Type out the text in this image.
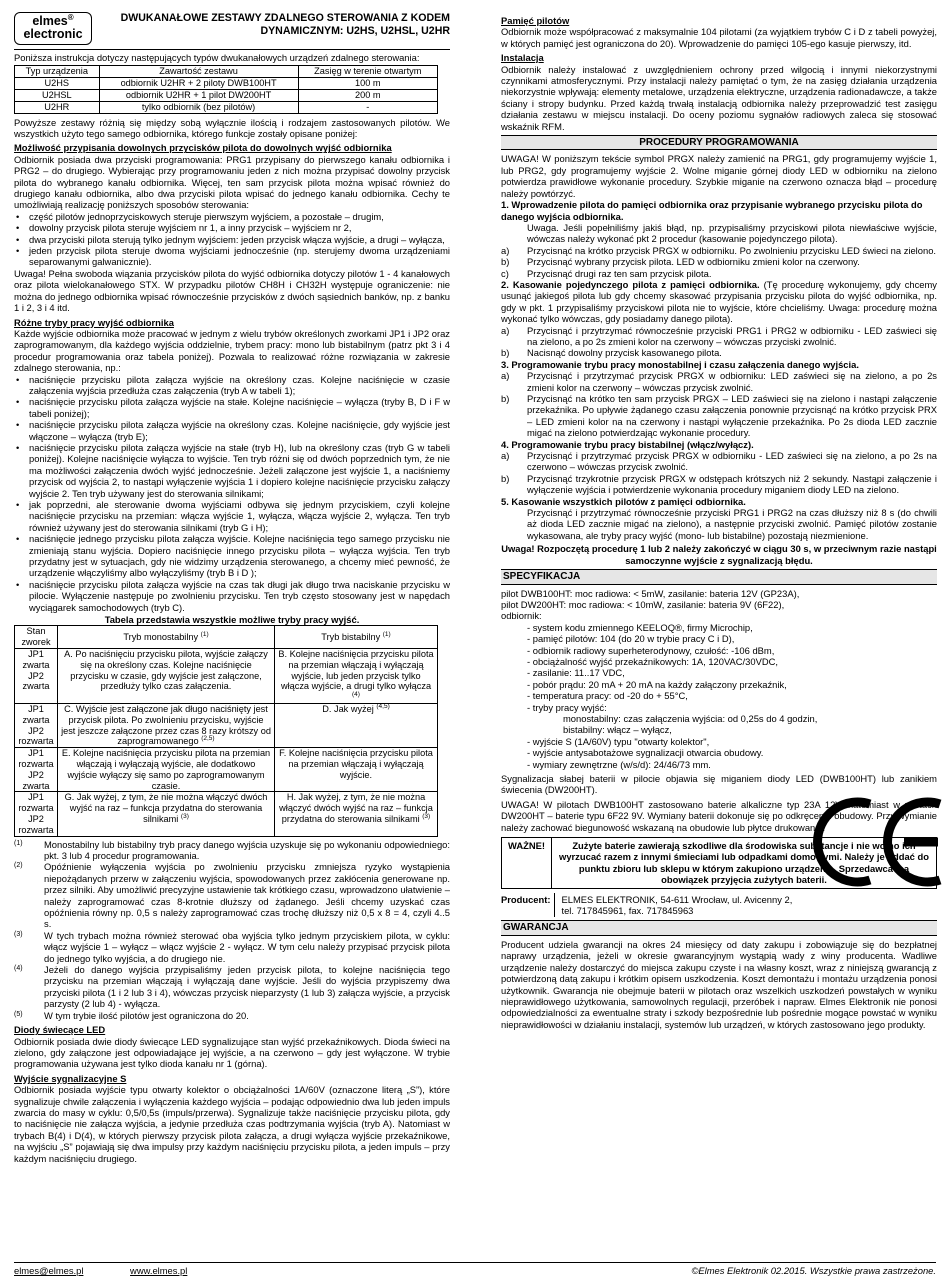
elmes®
electronic
DWUKANAŁOWE ZESTAWY ZDALNEGO STEROWANIA Z KODEM
DYNAMICZNYM: U2HS, U2HSL, U2HR

Poniższa instrukcja dotyczy następujących typów dwukanałowych urządzeń zdalnego sterowania:

Typ urządzenia	Zawartość zestawu	Zasięg w terenie otwartym
U2HS	odbiornik U2HR + 2 piloty DWB100HT	100 m
U2HSL	odbiornik U2HR + 1 pilot DW200HT	200 m
U2HR	tylko odbiornik (bez pilotów)	-

Powyższe zestawy różnią się między sobą wyłącznie ilością i rodzajem zastosowanych pilotów. We wszystkich użyto tego samego odbiornika, którego funkcje zostały opisane poniżej:

Możliwość przypisania dowolnych przycisków pilota do dowolnych wyjść odbiornika

Odbiornik posiada dwa przyciski programowania: PRG1 przypisany do pierwszego kanału odbiornika i PRG2 – do drugiego. Wybierając przy programowaniu jeden z nich można przypisać dowolny przycisk pilota do wybranego kanału odbiornika. Więcej, ten sam przycisk pilota można wpisać również do drugiego kanału odbiornika, albo dwa przyciski pilota wpisać do jednego kanału odbiornika. Cechy te umożliwiają realizację poniższych sposobów sterowania:

• część pilotów jednoprzyciskowych steruje pierwszym wyjściem, a pozostałe – drugim,
• dowolny przycisk pilota steruje wyjściem nr 1, a inny przycisk – wyjściem nr 2,
• dwa przyciski pilota sterują tylko jednym wyjściem: jeden przycisk włącza wyjście, a drugi – wyłącza,
• jeden przycisk pilota steruje dwoma wyjściami jednocześnie (np. sterujemy dwoma urządzeniami separowanymi galwanicznie).

Uwaga! Pełna swoboda wiązania przycisków pilota do wyjść odbiornika dotyczy pilotów 1 - 4 kanałowych oraz pilota wielokanałowego STX. W przypadku pilotów CH8H i CH32H występuje ograniczenie: nie można do jednego odbiornika wpisać równocześnie przycisków z dwóch sąsiednich banków, np. z banku 1 i 2, 3 i 4 itd.

Różne tryby pracy wyjść odbiornika

Każde wyjście odbiornika może pracować w jednym z wielu trybów określonych zworkami JP1 i JP2 oraz zaprogramowanym, dla każdego wyjścia oddzielnie, trybem pracy: mono lub bistabilnym (patrz pkt 3 i 4 procedur programowania oraz tabela poniżej). Pozwala to realizować różne rozwiązania w zakresie zdalnego sterowania, np.:

• naciśnięcie przycisku pilota załącza wyjście na określony czas. Kolejne naciśnięcie w czasie załączenia wyjścia przedłuża czas załączenia (tryb A w tabeli 1);
• naciśnięcie przycisku pilota załącza wyjście na stałe. Kolejne naciśnięcie – wyłącza (tryby B, D i F w tabeli poniżej);
• naciśnięcie przycisku pilota załącza wyjście na określony czas. Kolejne naciśnięcie, gdy wyjście jest włączone – wyłącza (tryb E);
• naciśnięcie przycisku pilota załącza wyjście na stałe (tryb H), lub na określony czas (tryb G w tabeli poniżej). Kolejne naciśnięcie wyłącza to wyjście. Ten tryb różni się od dwóch poprzednich tym, że nie ma możliwości załączenia dwóch wyjść jednocześnie. Jeżeli załączone jest wyjście 1, a naciśniemy przycisk od wyjścia 2, to nastąpi wyłączenie wyjścia 1 i dopiero kolejne naciśnięcie przycisku załączy wyjście 2. Ten tryb używany jest do sterowania silnikami;
• jak poprzedni, ale sterowanie dwoma wyjściami odbywa się jednym przyciskiem, czyli kolejne naciśnięcie przycisku na przemian: włącza wyjście 1, wyłącza, włącza wyjście 2, wyłącza. Ten tryb również używany jest do sterowania silnikami (tryb G i H);
• naciśnięcie jednego przycisku pilota załącza wyjście. Kolejne naciśnięcia tego samego przycisku nie zmieniają stanu wyjścia. Dopiero naciśnięcie innego przycisku pilota – wyłącza wyjścia. Ten tryb przydatny jest w sytuacjach, gdy nie widzimy urządzenia sterowanego, a chcemy mieć pewność, że urządzenie włączyliśmy albo wyłączyliśmy (tryb B i D );
• naciśnięcie przycisku pilota załącza wyjście na czas tak długi jak długo trwa naciskanie przycisku w pilocie. Wyłączenie następuje po zwolnieniu przycisku. Ten tryb często stosowany jest w napędach wyciągarek samochodowych (tryb C).
Tabela przedstawia wszystkie możliwe tryby pracy wyjść.
Stan zworek	Tryb monostabilny $^{(1)}$	Tryb bistabilny $^{(1)}$

JP1
zwarta
JP2
zwarta	A. Po naciśnięciu przycisku pilota, wyjście załączy się na określony czas. Kolejne naciśnięcie przycisku w czasie, gdy wyjście jest załączone, przedłuży tylko czas załączenia.	B. Kolejne naciśnięcia przycisku pilota na przemian włączają i wyłączają wyjście, lub jeden przycisk tylko włącza wyjście, a drugi tylko wyłącza $^{(4)}$

JP1
zwarta
JP2
rozwarta	C. Wyjście jest załączone jak długo naciśnięty jest przycisk pilota. Po zwolnieniu przycisku, wyjście jest jeszcze załączone przez czas 8 razy krótszy od zaprogramowanego $^{(2,5)}$	D. Jak wyżej $^{(4,5)}$

JP1
rozwarta
JP2
zwarta	E. Kolejne naciśnięcia przycisku pilota na przemian włączają i wyłączają wyjście, ale dodatkowo wyjście wyłączy się samo po zaprogramowanym czasie.	F. Kolejne naciśnięcia przycisku pilota na przemian włączają i wyłączają wyjście.

JP1
rozwarta
JP2
rozwarta	G. Jak wyżej, z tym, że nie można włączyć dwóch wyjść na raz – funkcja przydatna do sterowania silnikami $^{(3)}$	H. Jak wyżej, z tym, że nie można włączyć dwóch wyjść na raz – funkcja przydatna do sterowania silnikami $^{(3)}$
(1)	Monostabilny lub bistabilny tryb pracy danego wyjścia uzyskuje się po wykonaniu odpowiedniego: pkt. 3 lub 4 procedur programowania.

(2)	Opóźnienie wyłączenia wyjścia po zwolnieniu przycisku zmniejsza ryzyko wystąpienia niepożądanych przerw w załączeniu wyjścia, spowodowanych przez zakłócenia generowane np. przez silniki. Aby umożliwić precyzyjne ustawienie tak krótkiego czasu, wprowadzono ułatwienie – należy zaprogramować czas 8-krotnie dłuższy od żądanego. Jeśli chcemy uzyskać czas opóźnienia równy np. 0,5 s należy zaprogramować czas trochę dłuższy niż 0,5 x 8 = 4, czyli 4..5 s.

(3)	W tych trybach można również sterować oba wyjścia tylko jednym przyciskiem pilota, w cyklu: włącz wyjście 1 – wyłącz – włącz wyjście 2 - wyłącz. W tym celu należy przypisać przycisk pilota do jednego tylko wyjścia, a do drugiego nie.

(4)	Jeżeli do danego wyjścia przypisaliśmy jeden przycisk pilota, to kolejne naciśnięcia tego przycisku na przemian włączają i wyłączają dane wyjście. Jeśli do wyjścia przypiszemy dwa przyciski pilota (1 i 2 lub 3 i 4), wówczas przycisk nieparzysty (1 lub 3) załącza wyjście, a przycisk parzysty (2 lub 4) - wyłącza.

(5)	W tym trybie ilość pilotów jest ograniczona do 20.

Diody świecące LED

Odbiornik posiada dwie diody świecące LED sygnalizujące stan wyjść przekaźnikowych. Dioda świeci na zielono, gdy załączone jest odpowiadające jej wyjście, a na czerwono – gdy jest wyłączone. W trybie programowania używana jest tylko dioda kanału nr 1 (górna).

Wyjście sygnalizacyjne S

Odbiornik posiada wyjście typu otwarty kolektor o obciążalności 1A/60V (oznaczone literą „S”), które sygnalizuje chwile załączenia i wyłączenia każdego wyjścia – podając odpowiednio dwa lub jeden impuls zwarcia do masy w cyklu: 0,5/0,5s (impuls/przerwa). Sygnalizuje także naciśnięcie przycisku pilota, gdy to naciśnięcie nie załącza wyjścia, a jedynie przedłuża czas podtrzymania wyjścia (tryb A). Natomiast w trybach B(4) i D(4), w których pierwszy przycisk pilota załącza, a drugi wyłącza wyjście przekaźnikowe, na wyjściu „S” pojawiają się dwa impulsy przy każdym naciśnięciu przycisku pilota, a jeden impuls – przy każdym naciśnięciu drugiego.

Pamięć pilotów

Odbiornik może współpracować z maksymalnie 104 pilotami (za wyjątkiem trybów C i D z tabeli powyżej, w których pamięć jest ograniczona do 20). Wprowadzenie do pamięci 105-ego kasuje pierwszy, itd.

Instalacja

Odbiornik należy instalować z uwzględnieniem ochrony przed wilgocią i innymi niekorzystnymi czynnikami atmosferycznymi. Przy instalacji należy pamiętać o tym, że na zasięg działania urządzenia niekorzystnie wpływają: elementy metalowe, urządzenia elektryczne, urządzenia radionadawcze, a także ściany i stropy budynku. Przed każdą trwałą instalacją odbiornika należy przeprowadzić test zasięgu działania zestawu w miejscu instalacji. Do oceny poziomu sygnałów radiowych zaleca się stosować wskaźnik RFM.

PROCEDURY PROGRAMOWANIA

UWAGA! W poniższym tekście symbol PRGX należy zamienić na PRG1, gdy programujemy wyjście 1, lub PRG2, gdy programujemy wyjście 2. Wolne miganie górnej diody LED w odbiorniku na zielono potwierdza prawidłowe wykonanie procedury. Szybkie miganie na czerwono oznacza błąd – procedurę należy powtórzyć.

1. Wprowadzenie pilota do pamięci odbiornika oraz przypisanie wybranego przycisku pilota do danego wyjścia odbiornika.

Uwaga. Jeśli popełniliśmy jakiś błąd, np. przypisaliśmy przyciskowi pilota niewłaściwe wyjście, wówczas należy wykonać pkt 2 procedur (kasowanie pojedynczego pilota).

a)	Przycisnąć na krótko przycisk PRGX w odbiorniku. Po zwolnieniu przycisku LED świeci na zielono.

b)	Przycisnąć wybrany przycisk pilota. LED w odbiorniku zmieni kolor na czerwony.

c)	Przycisnąć drugi raz ten sam przycisk pilota.

2. Kasowanie pojedynczego pilota z pamięci odbiornika. (Tę procedurę wykonujemy, gdy chcemy usunąć jakiegoś pilota lub gdy chcemy skasować przypisania przycisku pilota do wyjść odbiornika, np. gdy w pkt. 1 przypisaliśmy przyciskowi pilota nie to wyjście, które chcieliśmy. Uwaga: procedurę można wykonać tylko wówczas, gdy posiadamy danego pilota).

a)	Przycisnąć i przytrzymać równocześnie przyciski PRG1 i PRG2 w odbiorniku - LED zaświeci się na zielono, a po 2s zmieni kolor na czerwony – wówczas przyciski zwolnić.

b)	Nacisnąć dowolny przycisk kasowanego pilota.

3. Programowanie trybu pracy monostabilnej i czasu załączenia danego wyjścia.
a)	Przycisnąć i przytrzymać przycisk PRGX w odbiorniku: LED zaświeci się na zielono, a po 2s zmieni kolor na czerwony – wówczas przycisk zwolnić.

b)	Przycisnąć na krótko ten sam przycisk PRGX – LED zaświeci się na zielono i nastąpi załączenie przekaźnika. Po upływie żądanego czasu załączenia ponownie przycisnąć na krótko przycisk PRX – LED zmieni kolor na na czerwony i nastąpi wyłączenie przekaźnika. Po 2s dioda LED zacznie migać na zielono potwierdzając wykonanie procedury.

4. Programowanie trybu pracy bistabilnej (włącz/wyłącz).
a)	Przycisnąć i przytrzymać przycisk PRGX w odbiorniku - LED zaświeci się na zielono, a po 2s na czerwono – wówczas przycisk zwolnić.

b)	Przycisnąć trzykrotnie przycisk PRGX w odstępach krótszych niż 2 sekundy. Nastąpi załączenie i wyłączenie wyjścia i potwierdzenie wykonania procedury miganiem diody LED na zielono.

5. Kasowanie wszystkich pilotów z pamięci odbiornika.

Przycisnąć i przytrzymać równocześnie przyciski PRG1 i PRG2 na czas dłuższy niż 8 s (do chwili aż dioda LED zacznie migać na zielono), a następnie przyciski zwolnić. Pamięć pilotów zostanie wykasowana, ale tryby pracy wyjść (mono- lub bistabilne) pozostają niezmienione.

Uwaga! Rozpoczętą procedurę 1 lub 2 należy zakończyć w ciągu 30 s, w przeciwnym razie nastąpi samoczynne wyjście z sygnalizacją błędu.

SPECYFIKACJA
pilot DWB100HT: moc radiowa: < 5mW, zasilanie: bateria 12V (GP23A),
pilot DW200HT: moc radiowa: < 10mW, zasilanie: bateria 9V (6F22),
odbiornik:
- system kodu zmiennego KEELOQ®, firmy Microchip,
- pamięć pilotów: 104 (do 20 w trybie pracy C i D),
- odbiornik radiowy superheterodynowy, czułość: -106 dBm,
- obciążalność wyjść przekaźnikowych: 1A, 120VAC/30VDC,
- zasilanie: 11..17 VDC,
- pobór prądu: 20 mA + 20 mA na każdy załączony przekaźnik,
- temperatura pracy: od -20 do + 55°C,
- tryby pracy wyjść:
monostabilny: czas załączenia wyjścia: od 0,25s do 4 godzin,
bistabilny: włącz – wyłącz,
- wyjście S (1A/60V) typu "otwarty kolektor",
- wyjście antysabotażowe sygnalizacji otwarcia obudowy.
- wymiary zewnętrzne (w/s/d): 24/46/73 mm.

Sygnalizacja słabej baterii w pilocie objawia się miganiem diody LED (DWB100HT) lub zanikiem świecenia (DW200HT).

UWAGA! W pilotach DWB100HT zastosowano baterie alkaliczne typ 23A 12V, natomiast w pilotach DW200HT – baterie typu 6F22 9V. Wymiany baterii dokonuje się po odkręceniu obudowy. Przy wymianie należy zachować biegunowość wskazaną na obudowie lub płytce drukowanej.

WAŻNE!	Zużyte baterie zawierają szkodliwe dla środowiska substancje i nie wolno ich wyrzucać razem z innymi śmieciami lub odpadkami domowymi. Należy je oddać do punktu zbioru lub sklepu w którym zakupiono urządzenie. Sprzedawca ma obowiązek przyjęcia zużytych baterii.
Producent:	ELMES ELEKTRONIK, 54-611 Wrocław, ul. Avicenny 2,
tel. 717845961, fax. 717845963
GWARANCJA

Producent udziela gwarancji na okres 24 miesięcy od daty zakupu i zobowiązuje się do bezpłatnej naprawy urządzenia, jeżeli w okresie gwarancyjnym wystąpią wady z winy producenta. Wadliwe urządzenie należy dostarczyć do miejsca zakupu czyste i na własny koszt, wraz z niniejszą gwarancją z potwierdzoną datą zakupu i krótkim opisem uszkodzenia. Koszt demontażu i montażu urządzenia ponosi użytkownik. Gwarancja nie obejmuje baterii w pilotach oraz wszelkich uszkodzeń powstałych w wyniku nieprawidłowego użytkowania, samowolnych regulacji, przeróbek i napraw. Elmes Elektronik nie ponosi odpowiedzialności za ewentualne straty i szkody bezpośrednie lub pośrednie mogące powstać w wyniku nieprawidłowości w działaniu instalacji, systemów lub urządzeń, w których zastosowano jego produkty.

elmes@elmes.pl	www.elmes.pl	©Elmes Elektronik 02.2015. Wszystkie prawa zastrzeżone.
